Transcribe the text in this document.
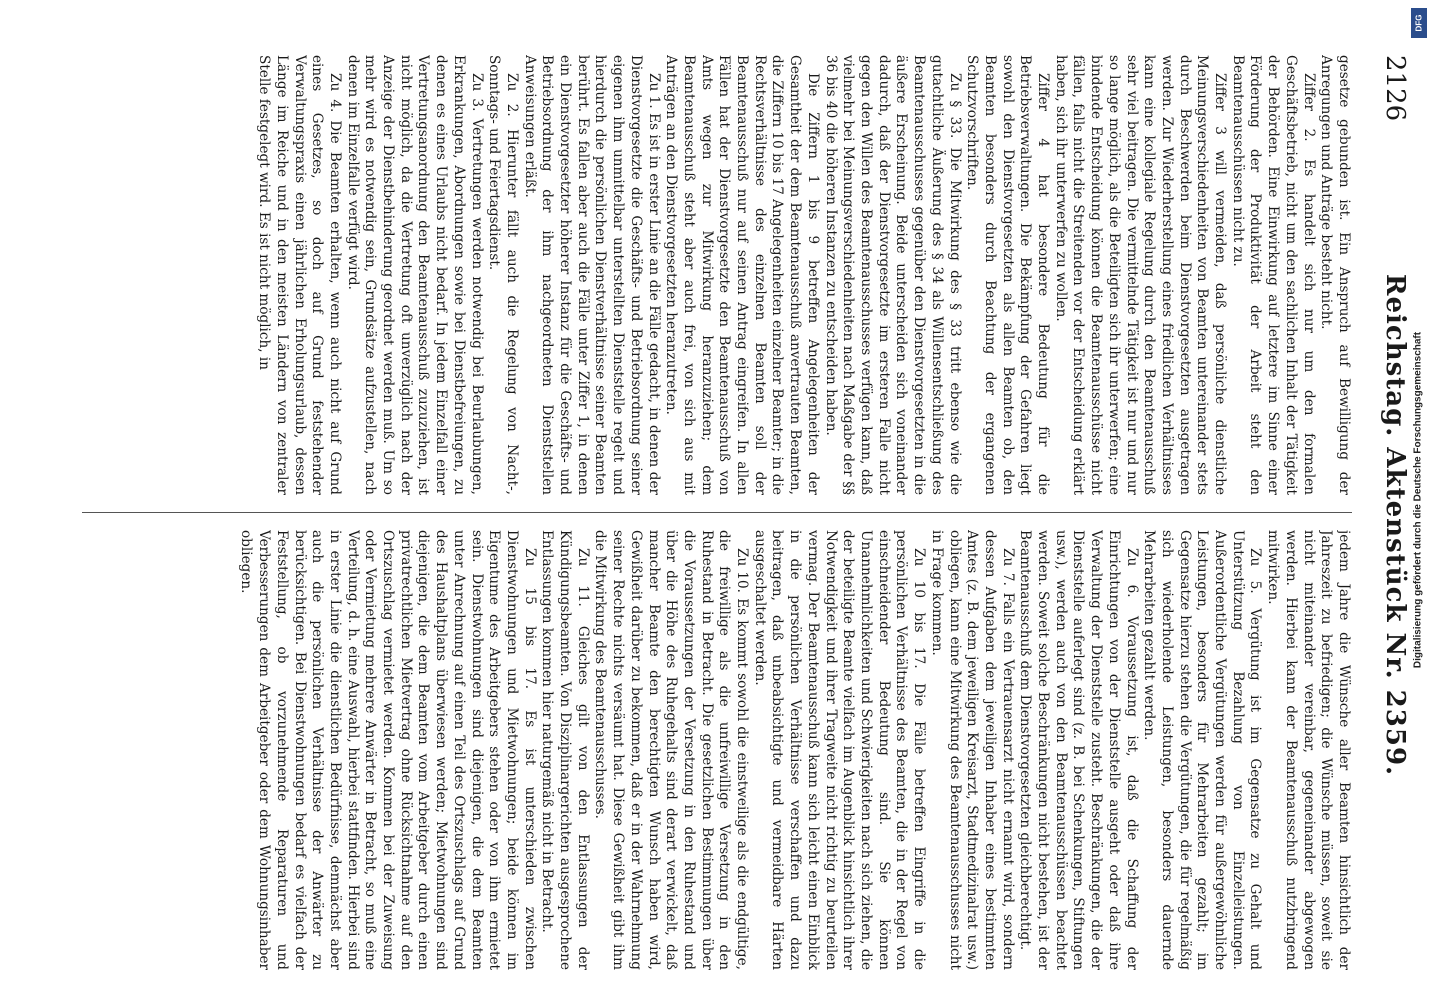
Reichstag. Aktenstück Nr. 2359.
2126

gesetze gebunden ist. Ein Anspruch auf Bewilligung der Anregungen und Anträge besteht nicht.

Ziffer 2. Es handelt sich nur um den formalen Geschäftsbetrieb, nicht um den sachlichen Inhalt der Tätigkeit der Behörden. Eine Einwirkung auf letztere im Sinne einer Förderung der Produktivität der Arbeit steht den Beamtenausschüssen nicht zu.

Ziffer 3 will vermeiden, daß persönliche dienstliche Meinungsverschiedenheiten von Beamten untereinander stets durch Beschwerden beim Dienstvorgesetzten ausgetragen werden. Zur Wiederherstellung eines friedlichen Verhältnisses kann eine kollegiale Regelung durch den Beamtenausschuß sehr viel beitragen. Die vermittelnde Tätigkeit ist nur und nur so lange möglich, als die Beteiligten sich ihr unterwerfen; eine bindende Entscheidung können die Beamtenausschüsse nicht fällen, falls nicht die Streitenden vor der Entscheidung erklärt haben, sich ihr unterwerfen zu wollen.

Ziffer 4 hat besondere Bedeutung für die Betriebsverwaltungen. Die Bekämpfung der Gefahren liegt sowohl den Dienstvorgesetzten als allen Beamten ob, den Beamten besonders durch Beachtung der ergangenen Schutzvorschriften.

Zu § 33. Die Mitwirkung des § 33 tritt ebenso wie die gutachtliche Äußerung des § 34 als Willensentschließung des Beamtenausschusses gegenüber den Dienstvorgesetzten in die äußere Erscheinung. Beide unterscheiden sich voneinander dadurch, daß der Dienstvorgesetzte im ersteren Falle nicht gegen den Willen des Beamtenausschusses verfügen kann, daß vielmehr bei Meinungsverschiedenheiten nach Maßgabe der §§ 36 bis 40 die höheren Instanzen zu entscheiden haben.

Die Ziffern 1 bis 9 betreffen Angelegenheiten der Gesamtheit der dem Beamtenausschuß anvertrauten Beamten, die Ziffern 10 bis 17 Angelegenheiten einzelner Beamter; in die Rechtsverhältnisse des einzelnen Beamten soll der Beamtenausschuß nur auf seinen Antrag eingreifen. In allen Fällen hat der Dienstvorgesetzte den Beamtenausschuß von Amts wegen zur Mitwirkung heranzuziehen; dem Beamtenausschuß steht aber auch frei, von sich aus mit Anträgen an den Dienstvorgesetzten heranzutreten.

Zu 1. Es ist in erster Linie an die Fälle gedacht, in denen der Dienstvorgesetzte die Geschäfts- und Betriebsordnung seiner eigenen ihm unmittelbar unterstellten Dienststelle regelt und hierdurch die persönlichen Dienstverhältnisse seiner Beamten berührt. Es fallen aber auch die Fälle unter Ziffer 1, in denen ein Dienstvorgesetzter höherer Instanz für die Geschäfts- und Betriebsordnung der ihm nachgeordneten Dienststellen Anweisungen erläßt.

Zu 2. Hierunter fällt auch die Regelung von Nacht-, Sonntags- und Feiertagsdienst.

Zu 3. Vertretungen werden notwendig bei Beurlaubungen, Erkrankungen, Abordnungen sowie bei Dienstbefreiungen, zu denen es eines Urlaubs nicht bedarf. In jedem Einzelfall einer Vertretungsanordnung den Beamtenausschuß zuzuziehen, ist nicht möglich, da die Vertretung oft unverzüglich nach der Anzeige der Dienstbehinderung geordnet werden muß. Um so mehr wird es notwendig sein, Grundsätze aufzustellen, nach denen im Einzelfalle verfügt wird.

Zu 4. Die Beamten erhalten, wenn auch nicht auf Grund eines Gesetzes, so doch auf Grund feststehender Verwaltungspraxis einen jährlichen Erholungsurlaub, dessen Länge im Reiche und in den meisten Ländern von zentraler Stelle festgelegt wird. Es ist nicht möglich, in

jedem Jahre die Wünsche aller Beamten hinsichtlich der Jahreszeit zu befriedigen; die Wünsche müssen, soweit sie nicht miteinander vereinbar, gegeneinander abgewogen werden. Hierbei kann der Beamtenausschuß nutzbringend mitwirken.

Zu 5. Vergütung ist im Gegensatze zu Gehalt und Unterstützung Bezahlung von Einzelleistungen. Außerordentliche Vergütungen werden für außergewöhnliche Leistungen, besonders für Mehrarbeiten gezahlt; im Gegensatze hierzu stehen die Vergütungen, die für regelmäßig sich wiederholende Leistungen, besonders dauernde Mehrarbeiten gezahlt werden.

Zu 6. Voraussetzung ist, daß die Schaffung der Einrichtungen von der Dienststelle ausgeht oder daß ihre Verwaltung der Dienststelle zusteht. Beschränkungen, die der Dienststelle auferlegt sind (z. B. bei Schenkungen, Stiftungen usw.), werden auch von den Beamtenausschüssen beachtet werden. Soweit solche Beschränkungen nicht bestehen, ist der Beamtenausschuß dem Dienstvorgesetzten gleichberechtigt.

Zu 7. Falls ein Vertrauensarzt nicht ernannt wird, sondern dessen Aufgaben dem jeweiligen Inhaber eines bestimmten Amtes (z. B. dem jeweiligen Kreisarzt, Stadtmedizinalrat usw.) obliegen, kann eine Mitwirkung des Beamtenausschusses nicht in Frage kommen.

Zu 10 bis 17. Die Fälle betreffen Eingriffe in die persönlichen Verhältnisse des Beamten, die in der Regel von einschneidender Bedeutung sind. Sie können Unannehmlichkeiten und Schwierigkeiten nach sich ziehen, die der beteiligte Beamte vielfach im Augenblick hinsichtlich ihrer Notwendigkeit und ihrer Tragweite nicht richtig zu beurteilen vermag. Der Beamtenausschuß kann sich leicht einen Einblick in die persönlichen Verhältnisse verschaffen und dazu beitragen, daß unbeabsichtigte und vermeidbare Härten ausgeschaltet werden.

Zu 10. Es kommt sowohl die einstweilige als die endgültige, die freiwillige als die unfreiwillige Versetzung in den Ruhestand in Betracht. Die gesetzlichen Bestimmungen über die Voraussetzungen der Versetzung in den Ruhestand und über die Höhe des Ruhegehalts sind derart verwickelt, daß mancher Beamte den berechtigten Wunsch haben wird, Gewißheit darüber zu bekommen, daß er in der Wahrnehmung seiner Rechte nichts versäumt hat. Diese Gewißheit gibt ihm die Mitwirkung des Beamtenausschusses.

Zu 11. Gleiches gilt von den Entlassungen der Kündigungsbeamten. Von Disziplinargerichten ausgesprochene Entlassungen kommen hier naturgemäß nicht in Betracht.

Zu 15 bis 17. Es ist unterschieden zwischen Dienstwohnungen und Mietwohnungen; beide können im Eigentume des Arbeitgebers stehen oder von ihm ermietet sein. Dienstwohnungen sind diejenigen, die dem Beamten unter Anrechnung auf einen Teil des Ortszuschlags auf Grund des Haushaltplans überwiesen werden; Mietwohnungen sind diejenigen, die dem Beamten vom Arbeitgeber durch einen privatrechtlichen Mietvertrag ohne Rücksichtnahme auf den Ortszuschlag vermietet werden. Kommen bei der Zuweisung oder Vermietung mehrere Anwärter in Betracht, so muß eine Verteilung, d. h. eine Auswahl, hierbei stattfinden. Hierbei sind in erster Linie die dienstlichen Bedürfnisse, demnächst aber auch die persönlichen Verhältnisse der Anwärter zu berücksichtigen. Bei Dienstwohnungen bedarf es vielfach der Feststellung, ob vorzunehmende Reparaturen und Verbesserungen dem Arbeitgeber oder dem Wohnungsinhaber obliegen.	Digitalisierung gefördert durch die Deutsche Forschungsgemeinschaft
DFG
